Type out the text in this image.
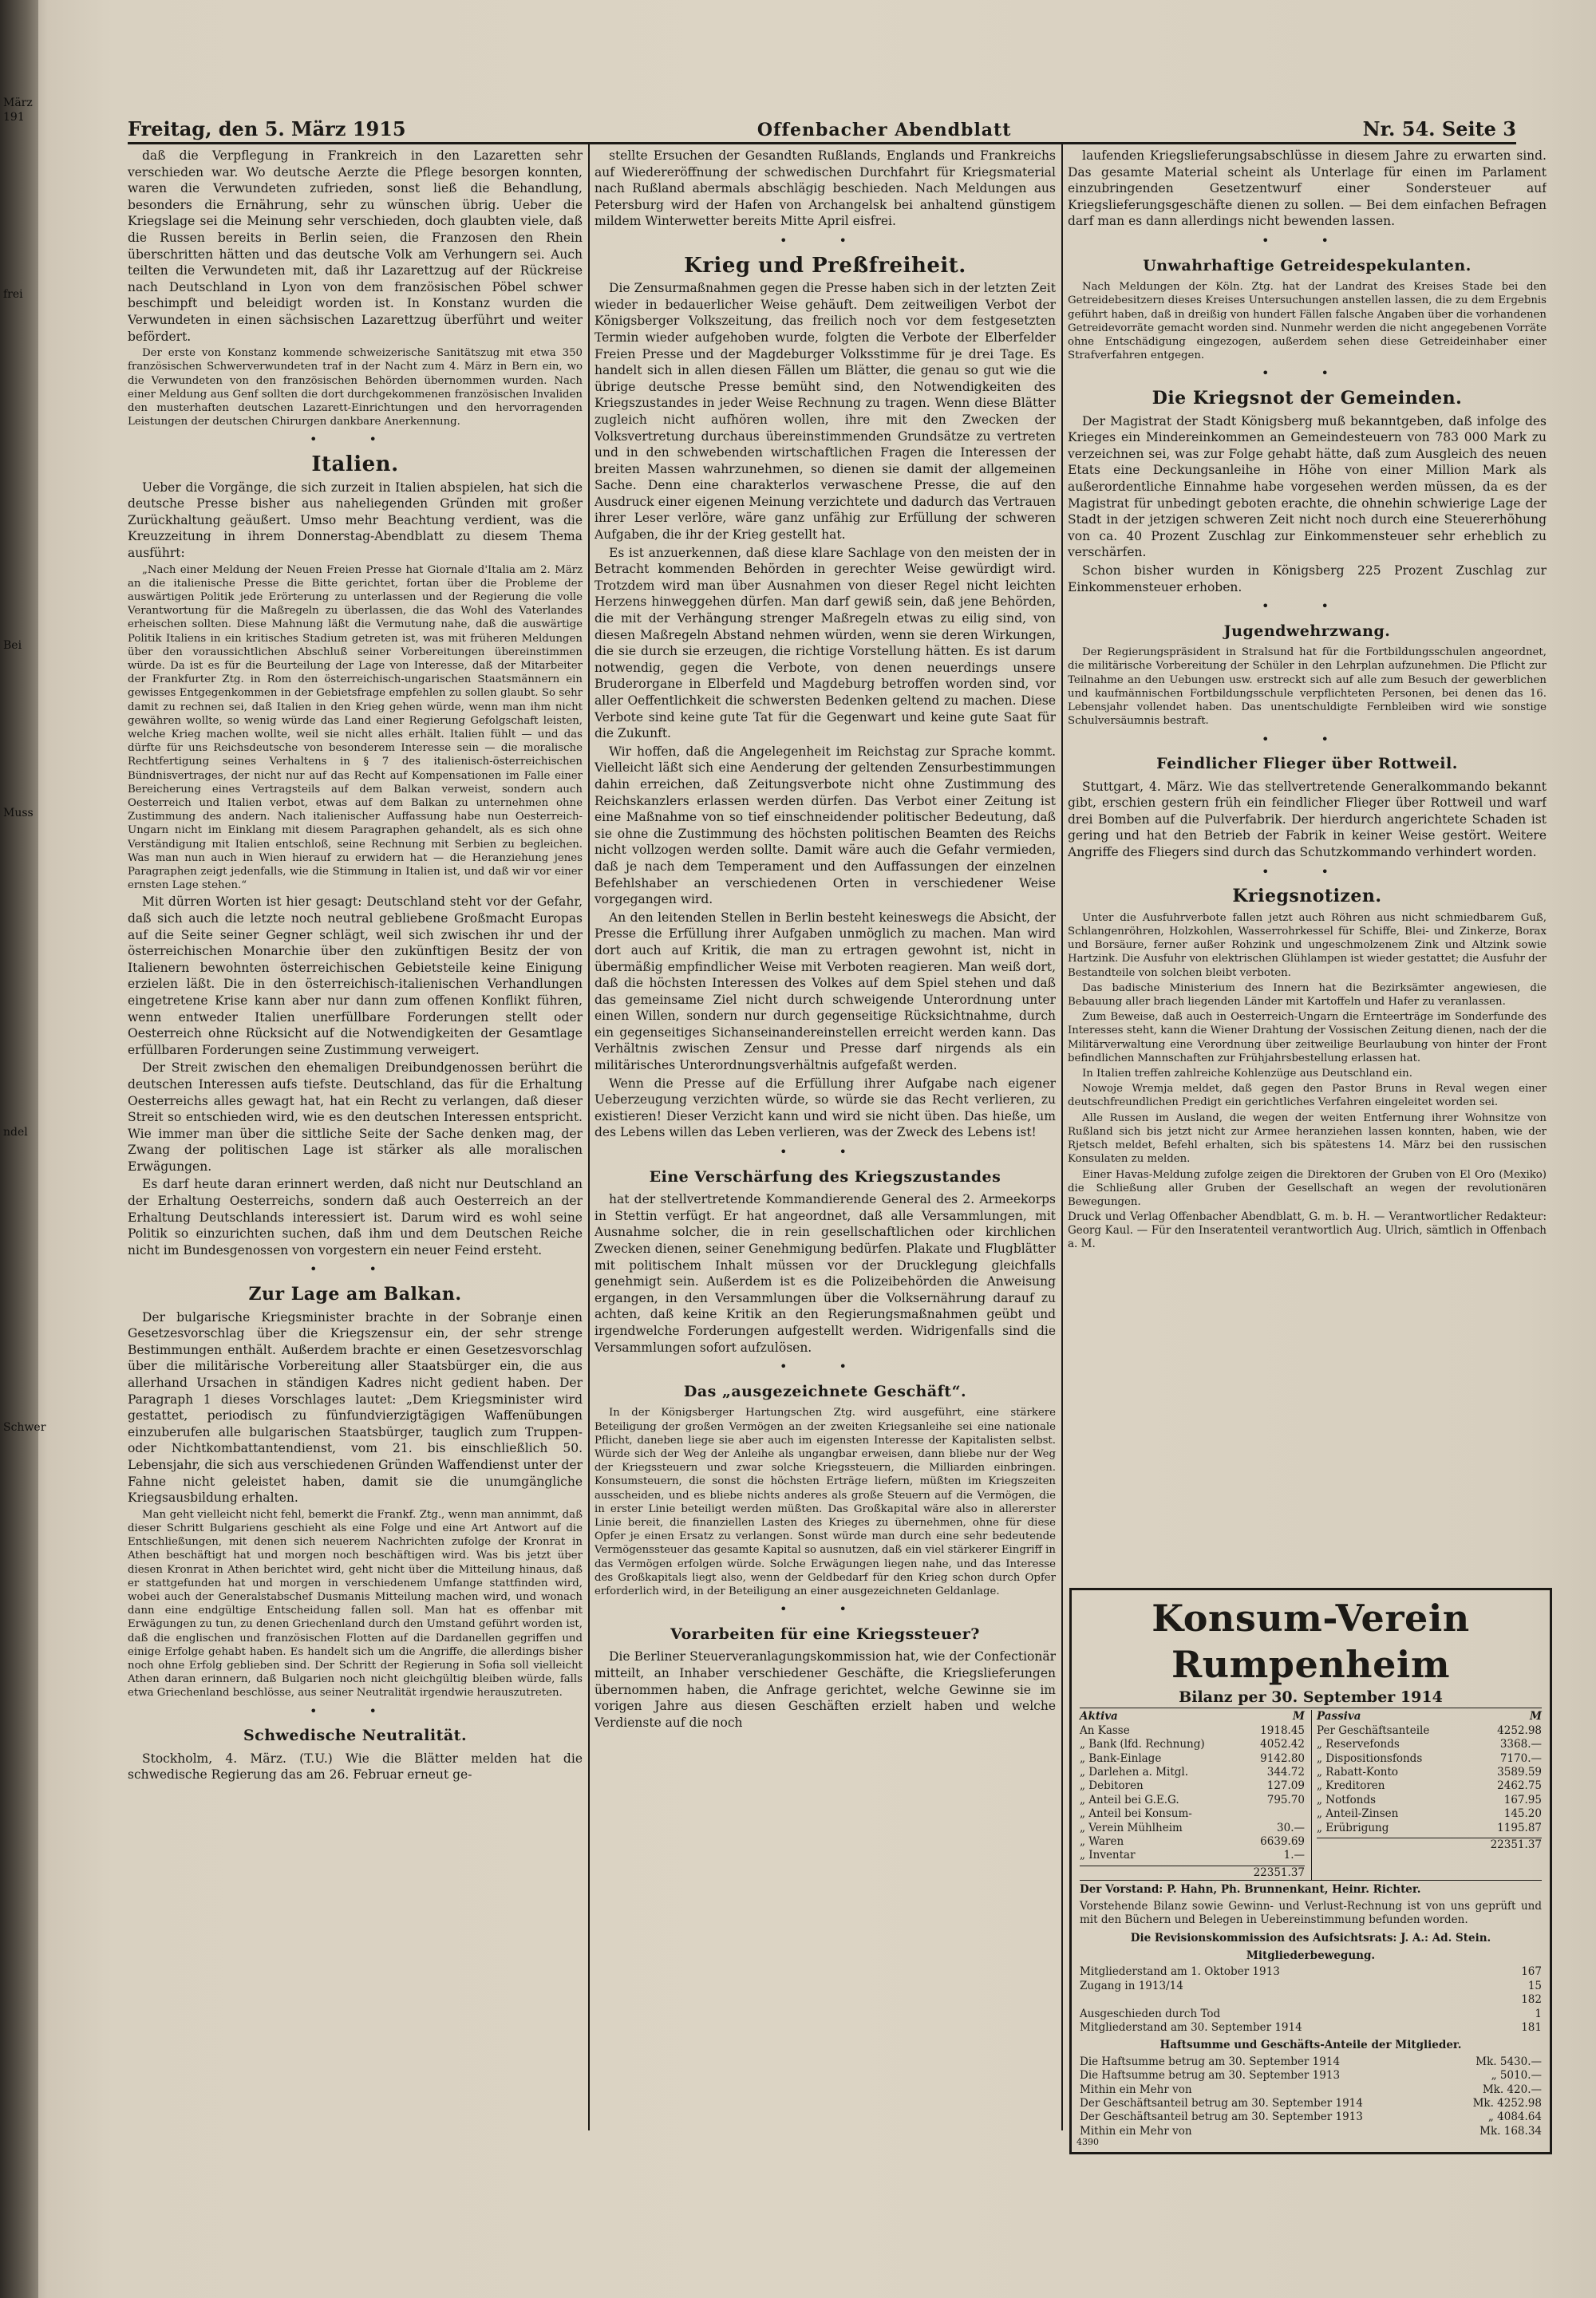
März 191
frei
Bei
Muss
ndel
Schwer
Freitag, den 5. März 1915	Offenbacher Abendblatt	Nr. 54. Seite 3

daß die Verpflegung in Frankreich in den Lazaretten sehr verschieden war. Wo deutsche Aerzte die Pflege besorgen konnten, waren die Verwundeten zufrieden, sonst ließ die Behandlung, besonders die Ernährung, sehr zu wünschen übrig. Ueber die Kriegslage sei die Meinung sehr verschieden, doch glaubten viele, daß die Russen bereits in Berlin seien, die Franzosen den Rhein überschritten hätten und das deutsche Volk am Verhungern sei. Auch teilten die Verwundeten mit, daß ihr Lazarettzug auf der Rückreise nach Deutschland in Lyon von dem französischen Pöbel schwer beschimpft und beleidigt worden ist. In Konstanz wurden die Verwundeten in einen sächsischen Lazarettzug überführt und weiter befördert.

Der erste von Konstanz kommende schweizerische Sanitätszug mit etwa 350 französischen Schwerverwundeten traf in der Nacht zum 4. März in Bern ein, wo die Verwundeten von den französischen Behörden übernommen wurden. Nach einer Meldung aus Genf sollten die dort durchgekommenen französischen Invaliden den musterhaften deutschen Lazarett-Einrichtungen und den hervorragenden Leistungen der deutschen Chirurgen dankbare Anerkennung.

• •
Italien.

Ueber die Vorgänge, die sich zurzeit in Italien abspielen, hat sich die deutsche Presse bisher aus naheliegenden Gründen mit großer Zurückhaltung geäußert. Umso mehr Beachtung verdient, was die Kreuzzeitung in ihrem Donnerstag-Abendblatt zu diesem Thema ausführt:

„Nach einer Meldung der Neuen Freien Presse hat Giornale d'Italia am 2. März an die italienische Presse die Bitte gerichtet, fortan über die Probleme der auswärtigen Politik jede Erörterung zu unterlassen und der Regierung die volle Verantwortung für die Maßregeln zu überlassen, die das Wohl des Vaterlandes erheischen sollten. Diese Mahnung läßt die Vermutung nahe, daß die auswärtige Politik Italiens in ein kritisches Stadium getreten ist, was mit früheren Meldungen über den voraussichtlichen Abschluß seiner Vorbereitungen übereinstimmen würde. Da ist es für die Beurteilung der Lage von Interesse, daß der Mitarbeiter der Frankfurter Ztg. in Rom den österreichisch-ungarischen Staatsmännern ein gewisses Entgegenkommen in der Gebietsfrage empfehlen zu sollen glaubt. So sehr damit zu rechnen sei, daß Italien in den Krieg gehen würde, wenn man ihm nicht gewähren wollte, so wenig würde das Land einer Regierung Gefolgschaft leisten, welche Krieg machen wollte, weil sie nicht alles erhält. Italien fühlt — und das dürfte für uns Reichsdeutsche von besonderem Interesse sein — die moralische Rechtfertigung seines Verhaltens in § 7 des italienisch-österreichischen Bündnisvertrages, der nicht nur auf das Recht auf Kompensationen im Falle einer Bereicherung eines Vertragsteils auf dem Balkan verweist, sondern auch Oesterreich und Italien verbot, etwas auf dem Balkan zu unternehmen ohne Zustimmung des andern. Nach italienischer Auffassung habe nun Oesterreich-Ungarn nicht im Einklang mit diesem Paragraphen gehandelt, als es sich ohne Verständigung mit Italien entschloß, seine Rechnung mit Serbien zu begleichen. Was man nun auch in Wien hierauf zu erwidern hat — die Heranziehung jenes Paragraphen zeigt jedenfalls, wie die Stimmung in Italien ist, und daß wir vor einer ernsten Lage stehen.“

Mit dürren Worten ist hier gesagt: Deutschland steht vor der Gefahr, daß sich auch die letzte noch neutral gebliebene Großmacht Europas auf die Seite seiner Gegner schlägt, weil sich zwischen ihr und der österreichischen Monarchie über den zukünftigen Besitz der von Italienern bewohnten österreichischen Gebietsteile keine Einigung erzielen läßt. Die in den österreichisch-italienischen Verhandlungen eingetretene Krise kann aber nur dann zum offenen Konflikt führen, wenn entweder Italien unerfüllbare Forderungen stellt oder Oesterreich ohne Rücksicht auf die Notwendigkeiten der Gesamtlage erfüllbaren Forderungen seine Zustimmung verweigert.

Der Streit zwischen den ehemaligen Dreibundgenossen berührt die deutschen Interessen aufs tiefste. Deutschland, das für die Erhaltung Oesterreichs alles gewagt hat, hat ein Recht zu verlangen, daß dieser Streit so entschieden wird, wie es den deutschen Interessen entspricht. Wie immer man über die sittliche Seite der Sache denken mag, der Zwang der politischen Lage ist stärker als alle moralischen Erwägungen.

Es darf heute daran erinnert werden, daß nicht nur Deutschland an der Erhaltung Oesterreichs, sondern daß auch Oesterreich an der Erhaltung Deutschlands interessiert ist. Darum wird es wohl seine Politik so einzurichten suchen, daß ihm und dem Deutschen Reiche nicht im Bundesgenossen von vorgestern ein neuer Feind ersteht.

• •
Zur Lage am Balkan.

Der bulgarische Kriegsminister brachte in der Sobranje einen Gesetzesvorschlag über die Kriegszensur ein, der sehr strenge Bestimmungen enthält. Außerdem brachte er einen Gesetzesvorschlag über die militärische Vorbereitung aller Staatsbürger ein, die aus allerhand Ursachen in ständigen Kadres nicht gedient haben. Der Paragraph 1 dieses Vorschlages lautet: „Dem Kriegsminister wird gestattet, periodisch zu fünfundvierzigtägigen Waffenübungen einzuberufen alle bulgarischen Staatsbürger, tauglich zum Truppen- oder Nichtkombattantendienst, vom 21. bis einschließlich 50. Lebensjahr, die sich aus verschiedenen Gründen Waffendienst unter der Fahne nicht geleistet haben, damit sie die unumgängliche Kriegsausbildung erhalten.

Man geht vielleicht nicht fehl, bemerkt die Frankf. Ztg., wenn man annimmt, daß dieser Schritt Bulgariens geschieht als eine Folge und eine Art Antwort auf die Entschließungen, mit denen sich neuerem Nachrichten zufolge der Kronrat in Athen beschäftigt hat und morgen noch beschäftigen wird. Was bis jetzt über diesen Kronrat in Athen berichtet wird, geht nicht über die Mitteilung hinaus, daß er stattgefunden hat und morgen in verschiedenem Umfange stattfinden wird, wobei auch der Generalstabschef Dusmanis Mitteilung machen wird, und wonach dann eine endgültige Entscheidung fallen soll. Man hat es offenbar mit Erwägungen zu tun, zu denen Griechenland durch den Umstand geführt worden ist, daß die englischen und französischen Flotten auf die Dardanellen gegriffen und einige Erfolge gehabt haben. Es handelt sich um die Angriffe, die allerdings bisher noch ohne Erfolg geblieben sind. Der Schritt der Regierung in Sofia soll vielleicht Athen daran erinnern, daß Bulgarien noch nicht gleichgültig bleiben würde, falls etwa Griechenland beschlösse, aus seiner Neutralität irgendwie herauszutreten.

• •
Schwedische Neutralität.

Stockholm, 4. März. (T.U.) Wie die Blätter melden hat die schwedische Regierung das am 26. Februar erneut ge-

stellte Ersuchen der Gesandten Rußlands, Englands und Frankreichs auf Wiedereröffnung der schwedischen Durchfahrt für Kriegsmaterial nach Rußland abermals abschlägig beschieden. Nach Meldungen aus Petersburg wird der Hafen von Archangelsk bei anhaltend günstigem mildem Winterwetter bereits Mitte April eisfrei.

• •
Krieg und Preßfreiheit.

Die Zensurmaßnahmen gegen die Presse haben sich in der letzten Zeit wieder in bedauerlicher Weise gehäuft. Dem zeitweiligen Verbot der Königsberger Volkszeitung, das freilich noch vor dem festgesetzten Termin wieder aufgehoben wurde, folgten die Verbote der Elberfelder Freien Presse und der Magdeburger Volksstimme für je drei Tage. Es handelt sich in allen diesen Fällen um Blätter, die genau so gut wie die übrige deutsche Presse bemüht sind, den Notwendigkeiten des Kriegszustandes in jeder Weise Rechnung zu tragen. Wenn diese Blätter zugleich nicht aufhören wollen, ihre mit den Zwecken der Volksvertretung durchaus übereinstimmenden Grundsätze zu vertreten und in den schwebenden wirtschaftlichen Fragen die Interessen der breiten Massen wahrzunehmen, so dienen sie damit der allgemeinen Sache. Denn eine charakterlos verwaschene Presse, die auf den Ausdruck einer eigenen Meinung verzichtete und dadurch das Vertrauen ihrer Leser verlöre, wäre ganz unfähig zur Erfüllung der schweren Aufgaben, die ihr der Krieg gestellt hat.

Es ist anzuerkennen, daß diese klare Sachlage von den meisten der in Betracht kommenden Behörden in gerechter Weise gewürdigt wird. Trotzdem wird man über Ausnahmen von dieser Regel nicht leichten Herzens hinweggehen dürfen. Man darf gewiß sein, daß jene Behörden, die mit der Verhängung strenger Maßregeln etwas zu eilig sind, von diesen Maßregeln Abstand nehmen würden, wenn sie deren Wirkungen, die sie durch sie erzeugen, die richtige Vorstellung hätten. Es ist darum notwendig, gegen die Verbote, von denen neuerdings unsere Bruderorgane in Elberfeld und Magdeburg betroffen worden sind, vor aller Oeffentlichkeit die schwersten Bedenken geltend zu machen. Diese Verbote sind keine gute Tat für die Gegenwart und keine gute Saat für die Zukunft.

Wir hoffen, daß die Angelegenheit im Reichstag zur Sprache kommt. Vielleicht läßt sich eine Aenderung der geltenden Zensurbestimmungen dahin erreichen, daß Zeitungsverbote nicht ohne Zustimmung des Reichskanzlers erlassen werden dürfen. Das Verbot einer Zeitung ist eine Maßnahme von so tief einschneidender politischer Bedeutung, daß sie ohne die Zustimmung des höchsten politischen Beamten des Reichs nicht vollzogen werden sollte. Damit wäre auch die Gefahr vermieden, daß je nach dem Temperament und den Auffassungen der einzelnen Befehlshaber an verschiedenen Orten in verschiedener Weise vorgegangen wird.

An den leitenden Stellen in Berlin besteht keineswegs die Absicht, der Presse die Erfüllung ihrer Aufgaben unmöglich zu machen. Man wird dort auch auf Kritik, die man zu ertragen gewohnt ist, nicht in übermäßig empfindlicher Weise mit Verboten reagieren. Man weiß dort, daß die höchsten Interessen des Volkes auf dem Spiel stehen und daß das gemeinsame Ziel nicht durch schweigende Unterordnung unter einen Willen, sondern nur durch gegenseitige Rücksichtnahme, durch ein gegenseitiges Sichanseinandereinstellen erreicht werden kann. Das Verhältnis zwischen Zensur und Presse darf nirgends als ein militärisches Unterordnungsverhältnis aufgefaßt werden.

Wenn die Presse auf die Erfüllung ihrer Aufgabe nach eigener Ueberzeugung verzichten würde, so würde sie das Recht verlieren, zu existieren! Dieser Verzicht kann und wird sie nicht üben. Das hieße, um des Lebens willen das Leben verlieren, was der Zweck des Lebens ist!

• •
Eine Verschärfung des Kriegszustandes

hat der stellvertretende Kommandierende General des 2. Armeekorps in Stettin verfügt. Er hat angeordnet, daß alle Versammlungen, mit Ausnahme solcher, die in rein gesellschaftlichen oder kirchlichen Zwecken dienen, seiner Genehmigung bedürfen. Plakate und Flugblätter mit politischem Inhalt müssen vor der Drucklegung gleichfalls genehmigt sein. Außerdem ist es die Polizeibehörden die Anweisung ergangen, in den Versammlungen über die Volksernährung darauf zu achten, daß keine Kritik an den Regierungsmaßnahmen geübt und irgendwelche Forderungen aufgestellt werden. Widrigenfalls sind die Versammlungen sofort aufzulösen.

• •
Das „ausgezeichnete Geschäft“.

In der Königsberger Hartungschen Ztg. wird ausgeführt, eine stärkere Beteiligung der großen Vermögen an der zweiten Kriegsanleihe sei eine nationale Pflicht, daneben liege sie aber auch im eigensten Interesse der Kapitalisten selbst. Würde sich der Weg der Anleihe als ungangbar erweisen, dann bliebe nur der Weg der Kriegssteuern und zwar solche Kriegssteuern, die Milliarden einbringen. Konsumsteuern, die sonst die höchsten Erträge liefern, müßten im Kriegszeiten ausscheiden, und es bliebe nichts anderes als große Steuern auf die Vermögen, die in erster Linie beteiligt werden müßten. Das Großkapital wäre also in allererster Linie bereit, die finanziellen Lasten des Krieges zu übernehmen, ohne für diese Opfer je einen Ersatz zu verlangen. Sonst würde man durch eine sehr bedeutende Vermögenssteuer das gesamte Kapital so ausnutzen, daß ein viel stärkerer Eingriff in das Vermögen erfolgen würde. Solche Erwägungen liegen nahe, und das Interesse des Großkapitals liegt also, wenn der Geldbedarf für den Krieg schon durch Opfer erforderlich wird, in der Beteiligung an einer ausgezeichneten Geldanlage.

• •
Vorarbeiten für eine Kriegssteuer?

Die Berliner Steuerveranlagungskommission hat, wie der Confectionär mitteilt, an Inhaber verschiedener Geschäfte, die Kriegslieferungen übernommen haben, die Anfrage gerichtet, welche Gewinne sie im vorigen Jahre aus diesen Geschäften erzielt haben und welche Verdienste auf die noch

laufenden Kriegslieferungsabschlüsse in diesem Jahre zu erwarten sind. Das gesamte Material scheint als Unterlage für einen im Parlament einzubringenden Gesetzentwurf einer Sondersteuer auf Kriegslieferungsgeschäfte dienen zu sollen. — Bei dem einfachen Befragen darf man es dann allerdings nicht bewenden lassen.

• •
Unwahrhaftige Getreidespekulanten.

Nach Meldungen der Köln. Ztg. hat der Landrat des Kreises Stade bei den Getreidebesitzern dieses Kreises Untersuchungen anstellen lassen, die zu dem Ergebnis geführt haben, daß in dreißig von hundert Fällen falsche Angaben über die vorhandenen Getreidevorräte gemacht worden sind. Nunmehr werden die nicht angegebenen Vorräte ohne Entschädigung eingezogen, außerdem sehen diese Getreideinhaber einer Strafverfahren entgegen.

• •
Die Kriegsnot der Gemeinden.

Der Magistrat der Stadt Königsberg muß bekanntgeben, daß infolge des Krieges ein Mindereinkommen an Gemeindesteuern von 783 000 Mark zu verzeichnen sei, was zur Folge gehabt hätte, daß zum Ausgleich des neuen Etats eine Deckungsanleihe in Höhe von einer Million Mark als außerordentliche Einnahme habe vorgesehen werden müssen, da es der Magistrat für unbedingt geboten erachte, die ohnehin schwierige Lage der Stadt in der jetzigen schweren Zeit nicht noch durch eine Steuererhöhung von ca. 40 Prozent Zuschlag zur Einkommensteuer sehr erheblich zu verschärfen.

Schon bisher wurden in Königsberg 225 Prozent Zuschlag zur Einkommensteuer erhoben.

• •
Jugendwehrzwang.

Der Regierungspräsident in Stralsund hat für die Fortbildungsschulen angeordnet, die militärische Vorbereitung der Schüler in den Lehrplan aufzunehmen. Die Pflicht zur Teilnahme an den Uebungen usw. erstreckt sich auf alle zum Besuch der gewerblichen und kaufmännischen Fortbildungsschule verpflichteten Personen, bei denen das 16. Lebensjahr vollendet haben. Das unentschuldigte Fernbleiben wird wie sonstige Schulversäumnis bestraft.

• •
Feindlicher Flieger über Rottweil.

Stuttgart, 4. März. Wie das stellvertretende Generalkommando bekannt gibt, erschien gestern früh ein feindlicher Flieger über Rottweil und warf drei Bomben auf die Pulverfabrik. Der hierdurch angerichtete Schaden ist gering und hat den Betrieb der Fabrik in keiner Weise gestört. Weitere Angriffe des Fliegers sind durch das Schutzkommando verhindert worden.

• •
Kriegsnotizen.

Unter die Ausfuhrverbote fallen jetzt auch Röhren aus nicht schmiedbarem Guß, Schlangenröhren, Holzkohlen, Wasserrohrkessel für Schiffe, Blei- und Zinkerze, Borax und Borsäure, ferner außer Rohzink und ungeschmolzenem Zink und Altzink sowie Hartzink. Die Ausfuhr von elektrischen Glühlampen ist wieder gestattet; die Ausfuhr der Bestandteile von solchen bleibt verboten.

Das badische Ministerium des Innern hat die Bezirksämter angewiesen, die Bebauung aller brach liegenden Länder mit Kartoffeln und Hafer zu veranlassen.

Zum Beweise, daß auch in Oesterreich-Ungarn die Ernteerträge im Sonderfunde des Interesses steht, kann die Wiener Drahtung der Vossischen Zeitung dienen, nach der die Militärverwaltung eine Verordnung über zeitweilige Beurlaubung von hinter der Front befindlichen Mannschaften zur Frühjahrsbestellung erlassen hat.

In Italien treffen zahlreiche Kohlenzüge aus Deutschland ein.

Nowoje Wremja meldet, daß gegen den Pastor Bruns in Reval wegen einer deutschfreundlichen Predigt ein gerichtliches Verfahren eingeleitet worden sei.

Alle Russen im Ausland, die wegen der weiten Entfernung ihrer Wohnsitze von Rußland sich bis jetzt nicht zur Armee heranziehen lassen konnten, haben, wie der Rjetsch meldet, Befehl erhalten, sich bis spätestens 14. März bei den russischen Konsulaten zu melden.

Einer Havas-Meldung zufolge zeigen die Direktoren der Gruben von El Oro (Mexiko) die Schließung aller Gruben der Gesellschaft an wegen der revolutionären Bewegungen.

Druck und Verlag Offenbacher Abendblatt, G. m. b. H. — Verantwortlicher Redakteur: Georg Kaul. — Für den Inseratenteil verantwortlich Aug. Ulrich, sämtlich in Offenbach a. M.

Konsum-Verein Rumpenheim
Bilanz per 30. September 1914
Aktiva	M
An Kasse	1918.45
„ Bank (lfd. Rechnung)	4052.42
„ Bank-Einlage	9142.80
„ Darlehen a. Mitgl.	344.72
„ Debitoren	127.09
„ Anteil bei G.E.G.	795.70
„ Anteil bei Konsum-
„ Verein Mühlheim	30.—
„ Waren	6639.69
„ Inventar	1.—
22351.37
Passiva	M
Per Geschäftsanteile	4252.98
„ Reservefonds	3368.—
„ Dispositionsfonds	7170.—
„ Rabatt-Konto	3589.59
„ Kreditoren	2462.75
„ Notfonds	167.95
„ Anteil-Zinsen	145.20
„ Erübrigung	1195.87
22351.37

Der Vorstand: P. Hahn, Ph. Brunnenkant, Heinr. Richter.

Vorstehende Bilanz sowie Gewinn- und Verlust-Rechnung ist von uns geprüft und mit den Büchern und Belegen in Uebereinstimmung befunden worden.

Die Revisionskommission des Aufsichtsrats: J. A.: Ad. Stein.
Mitgliederbewegung.
Mitgliederstand am 1. Oktober 1913	167
Zugang in 1913/14	15
182
Ausgeschieden durch Tod	1
Mitgliederstand am 30. September 1914	181
Haftsumme und Geschäfts-Anteile der Mitglieder.
Die Haftsumme betrug am 30. September 1914	Mk. 5430.—
Die Haftsumme betrug am 30. September 1913	„ 5010.—
Mithin ein Mehr von	Mk. 420.—
Der Geschäftsanteil betrug am 30. September 1914	Mk. 4252.98
Der Geschäftsanteil betrug am 30. September 1913	„ 4084.64
Mithin ein Mehr von	Mk. 168.34
4390
